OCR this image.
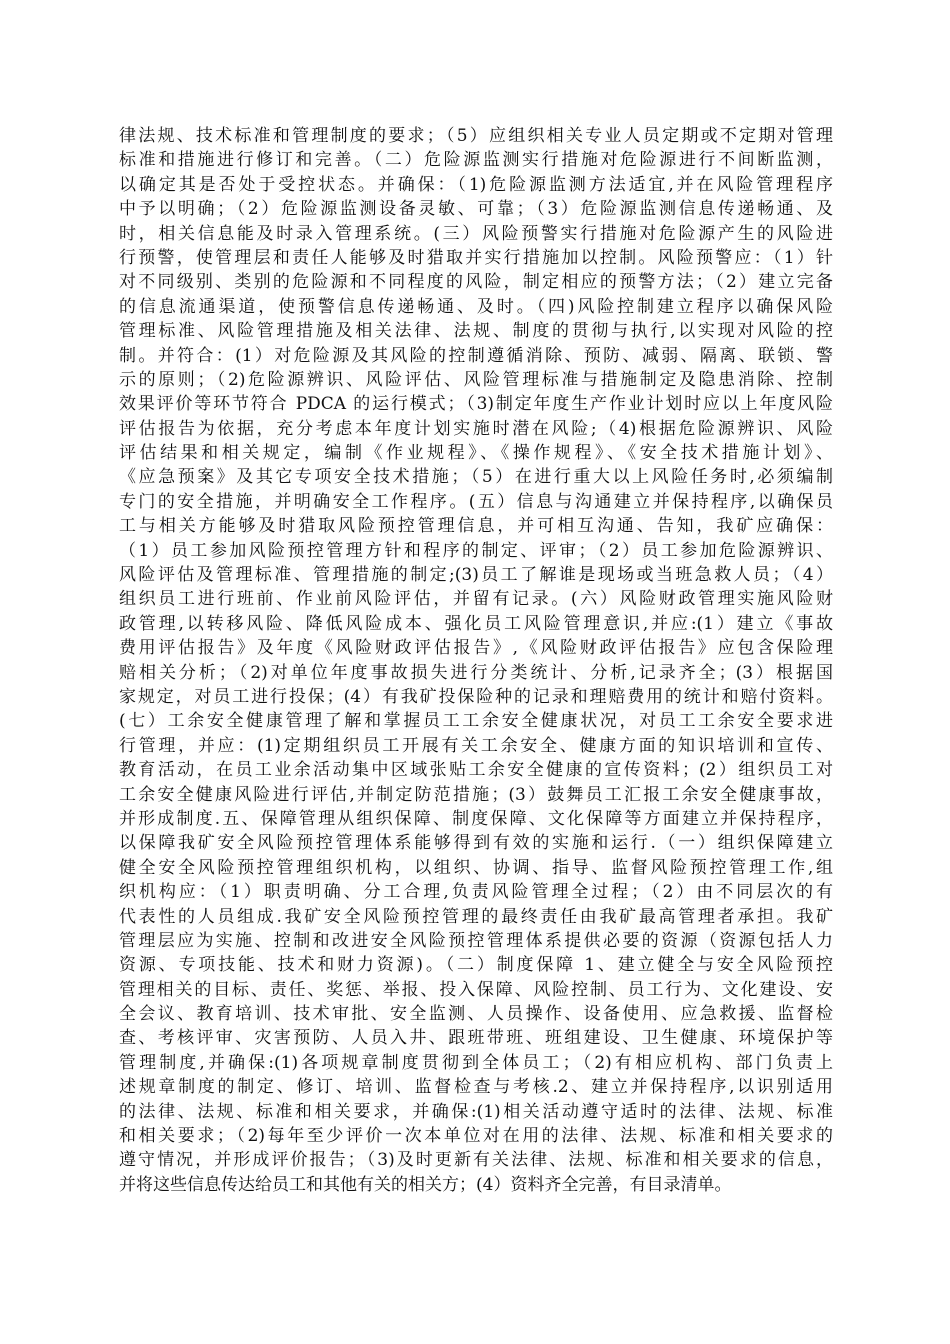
律法规、技术标准和管理制度的要求；（5）应组织相关专业人员定期或不定期对管理
标准和措施进行修订和完善。（二）危险源监测实行措施对危险源进行不间断监测，
以确定其是否处于受控状态。并确保：（1)危险源监测方法适宜,并在风险管理程序
中予以明确；（2）危险源监测设备灵敏、可靠；（3）危险源监测信息传递畅通、及
时，相关信息能及时录入管理系统。(三）风险预警实行措施对危险源产生的风险进
行预警，使管理层和责任人能够及时猎取并实行措施加以控制。风险预警应：（1）针
对不同级别、类别的危险源和不同程度的风险，制定相应的预警方法；（2）建立完备
的信息流通渠道，使预警信息传递畅通、及时。（四)风险控制建立程序以确保风险
管理标准、风险管理措施及相关法律、法规、制度的贯彻与执行,以实现对风险的控
制。并符合：(1）对危险源及其风险的控制遵循消除、预防、减弱、隔离、联锁、警
示的原则；（2)危险源辨识、风险评估、风险管理标准与措施制定及隐患消除、控制
效果评价等环节符合 PDCA 的运行模式；（3)制定年度生产作业计划时应以上年度风险
评估报告为依据，充分考虑本年度计划实施时潜在风险;（4)根据危险源辨识、风险
评估结果和相关规定，编制《作业规程》、《操作规程》、《安全技术措施计划》、
《应急预案》及其它专项安全技术措施；（5）在进行重大以上风险任务时,必须编制
专门的安全措施，并明确安全工作程序。(五）信息与沟通建立并保持程序,以确保员
工与相关方能够及时猎取风险预控管理信息，并可相互沟通、告知，我矿应确保：
（1）员工参加风险预控管理方针和程序的制定、评审；（2）员工参加危险源辨识、
风险评估及管理标准、管理措施的制定;(3)员工了解谁是现场或当班急救人员；（4）
组织员工进行班前、作业前风险评估，并留有记录。(六）风险财政管理实施风险财
政管理,以转移风险、降低风险成本、强化员工风险管理意识,并应:(1）建立《事故
费用评估报告》及年度《风险财政评估报告》,《风险财政评估报告》应包含保险理
赔相关分析；（2)对单位年度事故损失进行分类统计、分析,记录齐全；(3）根据国
家规定，对员工进行投保；(4）有我矿投保险种的记录和理赔费用的统计和赔付资料。
(七）工余安全健康管理了解和掌握员工工余安全健康状况，对员工工余安全要求进
行管理，并应：(1)定期组织员工开展有关工余安全、健康方面的知识培训和宣传、
教育活动，在员工业余活动集中区域张贴工余安全健康的宣传资料；(2）组织员工对
工余安全健康风险进行评估,并制定防范措施；(3）鼓舞员工汇报工余安全健康事故，
并形成制度.五、保障管理从组织保障、制度保障、文化保障等方面建立并保持程序，
以保障我矿安全风险预控管理体系能够得到有效的实施和运行.（一）组织保障建立
健全安全风险预控管理组织机构，以组织、协调、指导、监督风险预控管理工作,组
织机构应：（1）职责明确、分工合理,负责风险管理全过程；（2）由不同层次的有
代表性的人员组成.我矿安全风险预控管理的最终责任由我矿最高管理者承担。我矿
管理层应为实施、控制和改进安全风险预控管理体系提供必要的资源（资源包括人力
资源、专项技能、技术和财力资源)。（二）制度保障 1、建立健全与安全风险预控
管理相关的目标、责任、奖惩、举报、投入保障、风险控制、员工行为、文化建设、安
全会议、教育培训、技术审批、安全监测、人员操作、设备使用、应急救援、监督检
查、考核评审、灾害预防、人员入井、跟班带班、班组建设、卫生健康、环境保护等
管理制度,并确保:(1)各项规章制度贯彻到全体员工；（2)有相应机构、部门负责上
述规章制度的制定、修订、培训、监督检查与考核.2、建立并保持程序,以识别适用
的法律、法规、标准和相关要求，并确保:(1)相关活动遵守适时的法律、法规、标准
和相关要求；（2)每年至少评价一次本单位对在用的法律、法规、标准和相关要求的
遵守情况，并形成评价报告；（3)及时更新有关法律、法规、标准和相关要求的信息，
并将这些信息传达给员工和其他有关的相关方；(4）资料齐全完善，有目录清单。
